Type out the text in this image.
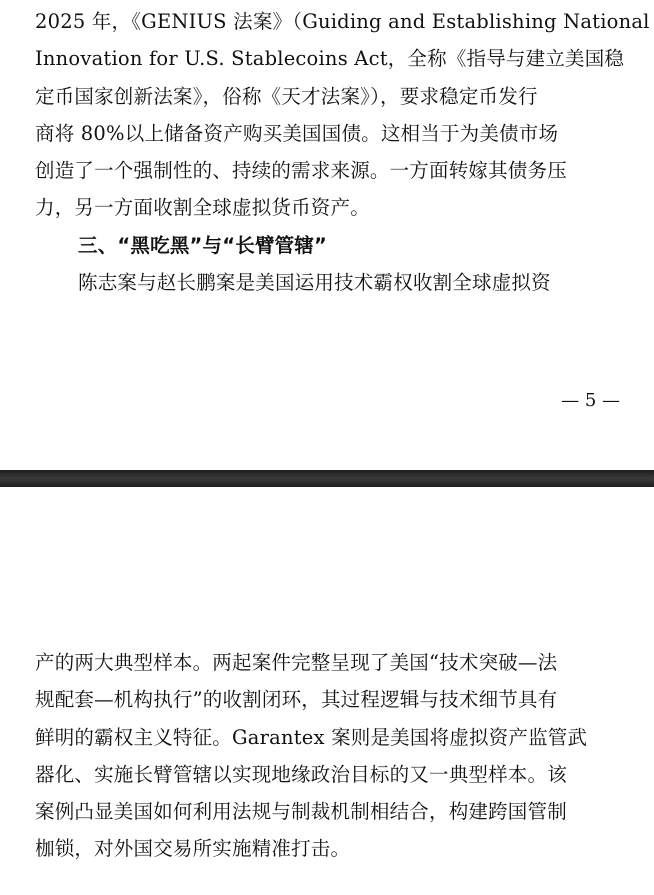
2025 年，《GENIUS 法案》（Guiding and Establishing National
Innovation for U.S. Stablecoins Act，全称《指导与建立美国稳
定币国家创新法案》，俗称《天才法案》），要求稳定币发行
商将 80%以上储备资产购买美国国债。这相当于为美债市场
创造了一个强制性的、持续的需求来源。一方面转嫁其债务压
力，另一方面收割全球虚拟货币资产。
三、“黑吃黑”与“长臂管辖”
陈志案与赵长鹏案是美国运用技术霸权收割全球虚拟资
— 5 —
产的两大典型样本。两起案件完整呈现了美国“技术突破—法
规配套—机构执行”的收割闭环，其过程逻辑与技术细节具有
鲜明的霸权主义特征。Garantex 案则是美国将虚拟资产监管武
器化、实施长臂管辖以实现地缘政治目标的又一典型样本。该
案例凸显美国如何利用法规与制裁机制相结合，构建跨国管制
枷锁，对外国交易所实施精准打击。
